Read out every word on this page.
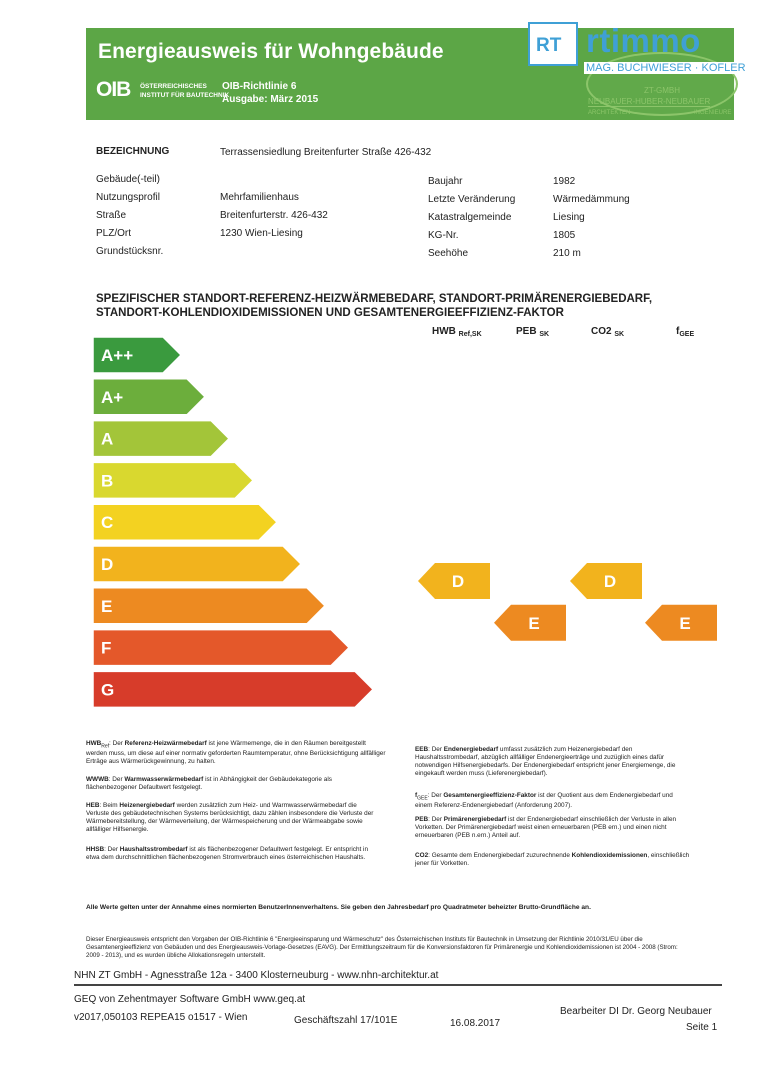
Energieausweis für Wohngebäude
OIB ÖSTERREICHISCHES
INSTITUT FÜR BAUTECHNIK
OIB-Richtlinie 6
Ausgabe: März 2015
RT rtimmo
MAG. BUCHWIESER · KOFLER
ZT-GMBH
NEUBAUER-HUBER-NEUBAUER
ARCHITEKTEN	INGENIEURE
BEZEICHNUNG	Terrassensiedlung Breitenfurter Straße 426-432
Gebäude(-teil)
Nutzungsprofil	Mehrfamilienhaus
Straße	Breitenfurterstr. 426-432
PLZ/Ort	1230 Wien-Liesing
Grundstücksnr.
Baujahr	1982
Letzte Veränderung	Wärmedämmung
Katastralgemeinde	Liesing
KG-Nr.	1805
Seehöhe	210 m
SPEZIFISCHER STANDORT-REFERENZ-HEIZWÄRMEBEDARF, STANDORT-PRIMÄRENERGIEBEDARF,
STANDORT-KOHLENDIOXIDEMISSIONEN UND GESAMTENERGIEEFFIZIENZ-FAKTOR
HWB $_{Ref,SK}$	PEB $_{SK}$	CO2 $_{SK}$	$f_{GEE}$
A++
A+
A
B
C
D
E
F
G
D
E
D
E
$HWB_{Ref}$: Der Referenz-Heizwärmebedarf ist jene Wärmemenge, die in den Räumen bereitgestellt werden muss, um diese auf einer normativ geforderten Raumtemperatur, ohne Berücksichtigung allfälliger Erträge aus Wärmerückgewinnung, zu halten.
WWWB: Der Warmwasserwärmebedarf ist in Abhängigkeit der Gebäudekategorie als flächenbezogener Defaultwert festgelegt.
HEB: Beim Heizenergiebedarf werden zusätzlich zum Heiz- und Warmwasserwärmebedarf die Verluste des gebäudetechnischen Systems berücksichtigt, dazu zählen insbesondere die Verluste der Wärmebereitstellung, der Wärmeverteilung, der Wärmespeicherung und der Wärmeabgabe sowie allfälliger Hilfsenergie.
HHSB: Der Haushaltsstrombedarf ist als flächenbezogener Defaultwert festgelegt. Er entspricht in etwa dem durchschnittlichen flächenbezogenen Stromverbrauch eines österreichischen Haushalts.
EEB: Der Endenergiebedarf umfasst zusätzlich zum Heizenergiebedarf den Haushaltsstrombedarf, abzüglich allfälliger Endenergieerträge und zuzüglich eines dafür notwendigen Hilfsenergiebedarfs. Der Endenergiebedarf entspricht jener Energiemenge, die eingekauft werden muss (Lieferenergiebedarf).
$f_{GEE}$: Der Gesamtenergieeffizienz-Faktor ist der Quotient aus dem Endenergiebedarf und einem Referenz-Endenergiebedarf (Anforderung 2007).
PEB: Der Primärenergiebedarf ist der Endenergiebedarf einschließlich der Verluste in allen Vorketten. Der Primärenergiebedarf weist einen erneuerbaren (PEB ern.) und einen nicht erneuerbaren (PEB n.ern.) Anteil auf.
CO2: Gesamte dem Endenergiebedarf zuzurechnende Kohlendioxidemissionen, einschließlich jener für Vorketten.
Alle Werte gelten unter der Annahme eines normierten BenutzerInnenverhaltens. Sie geben den Jahresbedarf pro Quadratmeter beheizter Brutto-Grundfläche an.
Dieser Energieausweis entspricht den Vorgaben der OIB-Richtlinie 6 "Energieeinsparung und Wärmeschutz" des Österreichischen Instituts für Bautechnik in Umsetzung der Richtlinie 2010/31/EU über die Gesamtenergieeffizienz von Gebäuden und des Energieausweis-Vorlage-Gesetzes (EAVG). Der Ermittlungszeitraum für die Konversionsfaktoren für Primärenergie und Kohlendioxidemissionen ist 2004 - 2008 (Strom: 2009 - 2013), und es wurden übliche Allokationsregeln unterstellt.
NHN ZT GmbH - Agnesstraße 12a - 3400 Klosterneuburg - www.nhn-architektur.at
GEQ von Zehentmayer Software GmbH www.geq.at
v2017,050103 REPEA15 o1517 - Wien	Geschäftszahl 17/101E	16.08.2017
Bearbeiter DI Dr. Georg Neubauer
Seite 1
